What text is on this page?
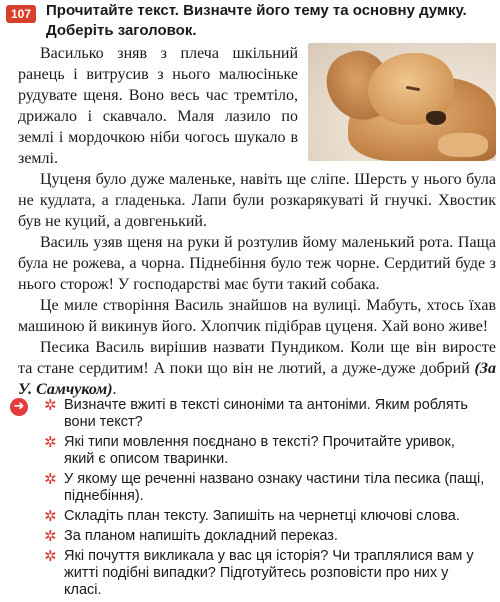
107 Прочитайте текст. Визначте його тему та основну думку. Доберіть заголовок.

Василько зняв з плеча шкільний ранець і витрусив з нього малюсіньке рудувате щеня. Воно весь час тремтіло, дрижало і скавчало. Маля лазило по землі і мордочкою ніби чогось шукало в землі.

Цуценя було дуже маленьке, навіть ще сліпе. Шерсть у нього була не кудлата, а гладенька. Лапи були розкарякуваті й гнучкі. Хвостик був не куций, а довгенький.

Василь узяв щеня на руки й розтулив йому маленький рота. Паща була не рожева, а чорна. Піднебіння було теж чорне. Сердитий буде з нього сторож! У господарстві має бути такий собака.

Це миле створіння Василь знайшов на вулиці. Мабуть, хтось їхав машиною й викинув його. Хлопчик підібрав цуценя. Хай воно живе!

Песика Василь вирішив назвати Пундиком. Коли ще він виросте та стане сердитим! А поки що він не лютий, а дуже-дуже добрий (За У. Самчуком).

➜ ✲ Визначте вжиті в тексті синоніми та антоніми. Яким роблять вони текст?
✲ Які типи мовлення поєднано в тексті? Прочитайте уривок, який є описом тваринки.
✲ У якому ще реченні названо ознаку частини тіла песика (пащі, піднебіння).
✲ Складіть план тексту. Запишіть на чернетці ключові слова.
✲ За планом напишіть докладний переказ.
✲ Які почуття викликала у вас ця історія? Чи траплялися вам у житті подібні випадки? Підготуйтесь розповісти про них у класі.
